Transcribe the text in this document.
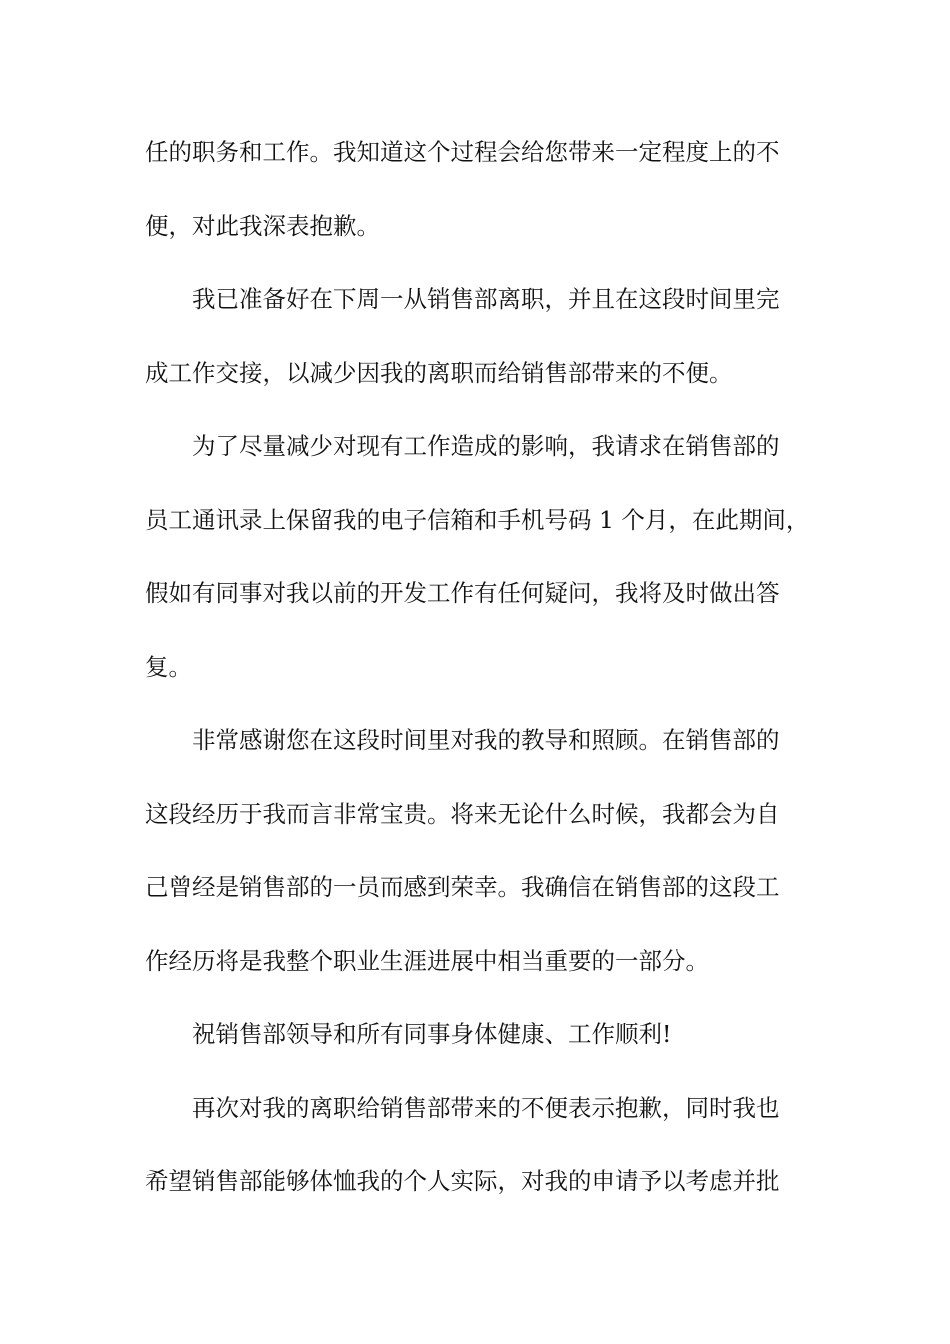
任的职务和工作。我知道这个过程会给您带来一定程度上的不
便，对此我深表抱歉。
　　我已准备好在下周一从销售部离职，并且在这段时间里完
成工作交接，以减少因我的离职而给销售部带来的不便。
　　为了尽量减少对现有工作造成的影响，我请求在销售部的
员工通讯录上保留我的电子信箱和手机号码 1 个月，在此期间，
假如有同事对我以前的开发工作有任何疑问，我将及时做出答
复。
　　非常感谢您在这段时间里对我的教导和照顾。在销售部的
这段经历于我而言非常宝贵。将来无论什么时候，我都会为自
己曾经是销售部的一员而感到荣幸。我确信在销售部的这段工
作经历将是我整个职业生涯进展中相当重要的一部分。
　　祝销售部领导和所有同事身体健康、工作顺利!
　　再次对我的离职给销售部带来的不便表示抱歉，同时我也
希望销售部能够体恤我的个人实际，对我的申请予以考虑并批
